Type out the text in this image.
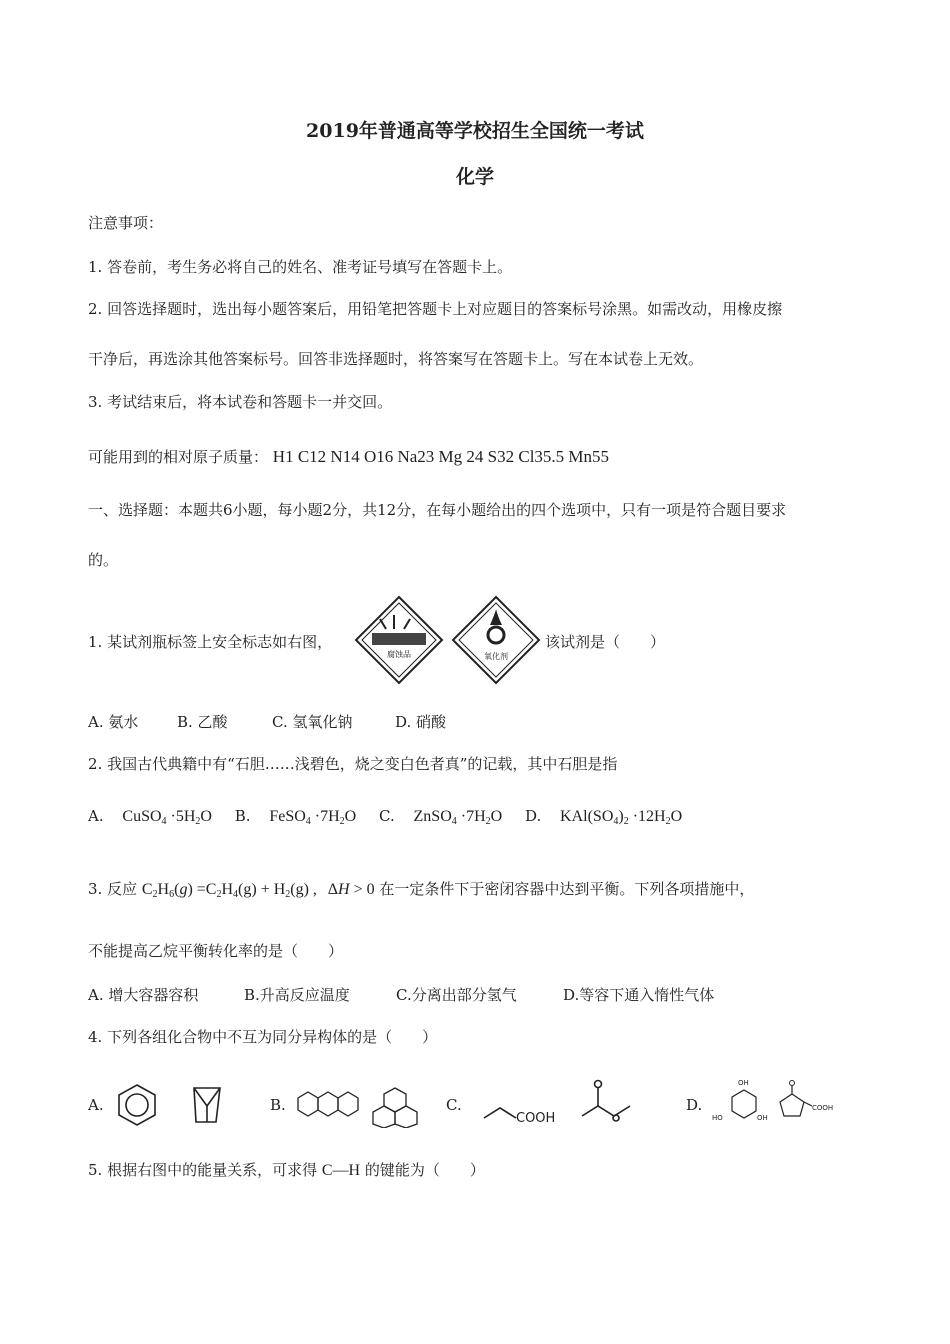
2019年普通高等学校招生全国统一考试
化学
注意事项：
1. 答卷前，考生务必将自己的姓名、准考证号填写在答题卡上。
2. 回答选择题时，选出每小题答案后，用铅笔把答题卡上对应题目的答案标号涂黑。如需改动，用橡皮擦
干净后，再选涂其他答案标号。回答非选择题时，将答案写在答题卡上。写在本试卷上无效。
3. 考试结束后，将本试卷和答题卡一并交回。
可能用到的相对原子质量： H1 C12 N14 O16 Na23 Mg 24 S32 Cl35.5 Mn55
一、选择题：本题共6小题，每小题2分，共12分，在每小题给出的四个选项中，只有一项是符合题目要求
的。
1. 某试剂瓶标签上安全标志如右图，
腐蚀品	氧化剂
该试剂是（　　）
A. 氨水	B. 乙酸	C. 氢氧化钠	D. 硝酸
2. 我国古代典籍中有“石胆……浅碧色，烧之变白色者真”的记载，其中石胆是指
A. CuSO$_4$ $\cdot 5H_2O$ B. FeSO$_4$ $\cdot 7H_2O$ C. ZnSO$_4$ $\cdot 7H_2O$ D. $KAl(SO_4)_2 \cdot 12H_2O$
3. 反应 $C_2H_6(g) =C_2H_4(g) + H_2(g)$ , ΔH > 0 在一定条件下于密闭容器中达到平衡。下列各项措施中，
不能提高乙烷平衡转化率的是（　　）
A. 增大容器容积	B.升高反应温度	C.分离出部分氢气	D.等容下通入惰性气体
4. 下列各组化合物中不互为同分异构体的是（　　）
A.	B.	C.
COOH
D.
OH
HO	OH
COOH
5. 根据右图中的能量关系，可求得 C—H 的键能为（　　）
